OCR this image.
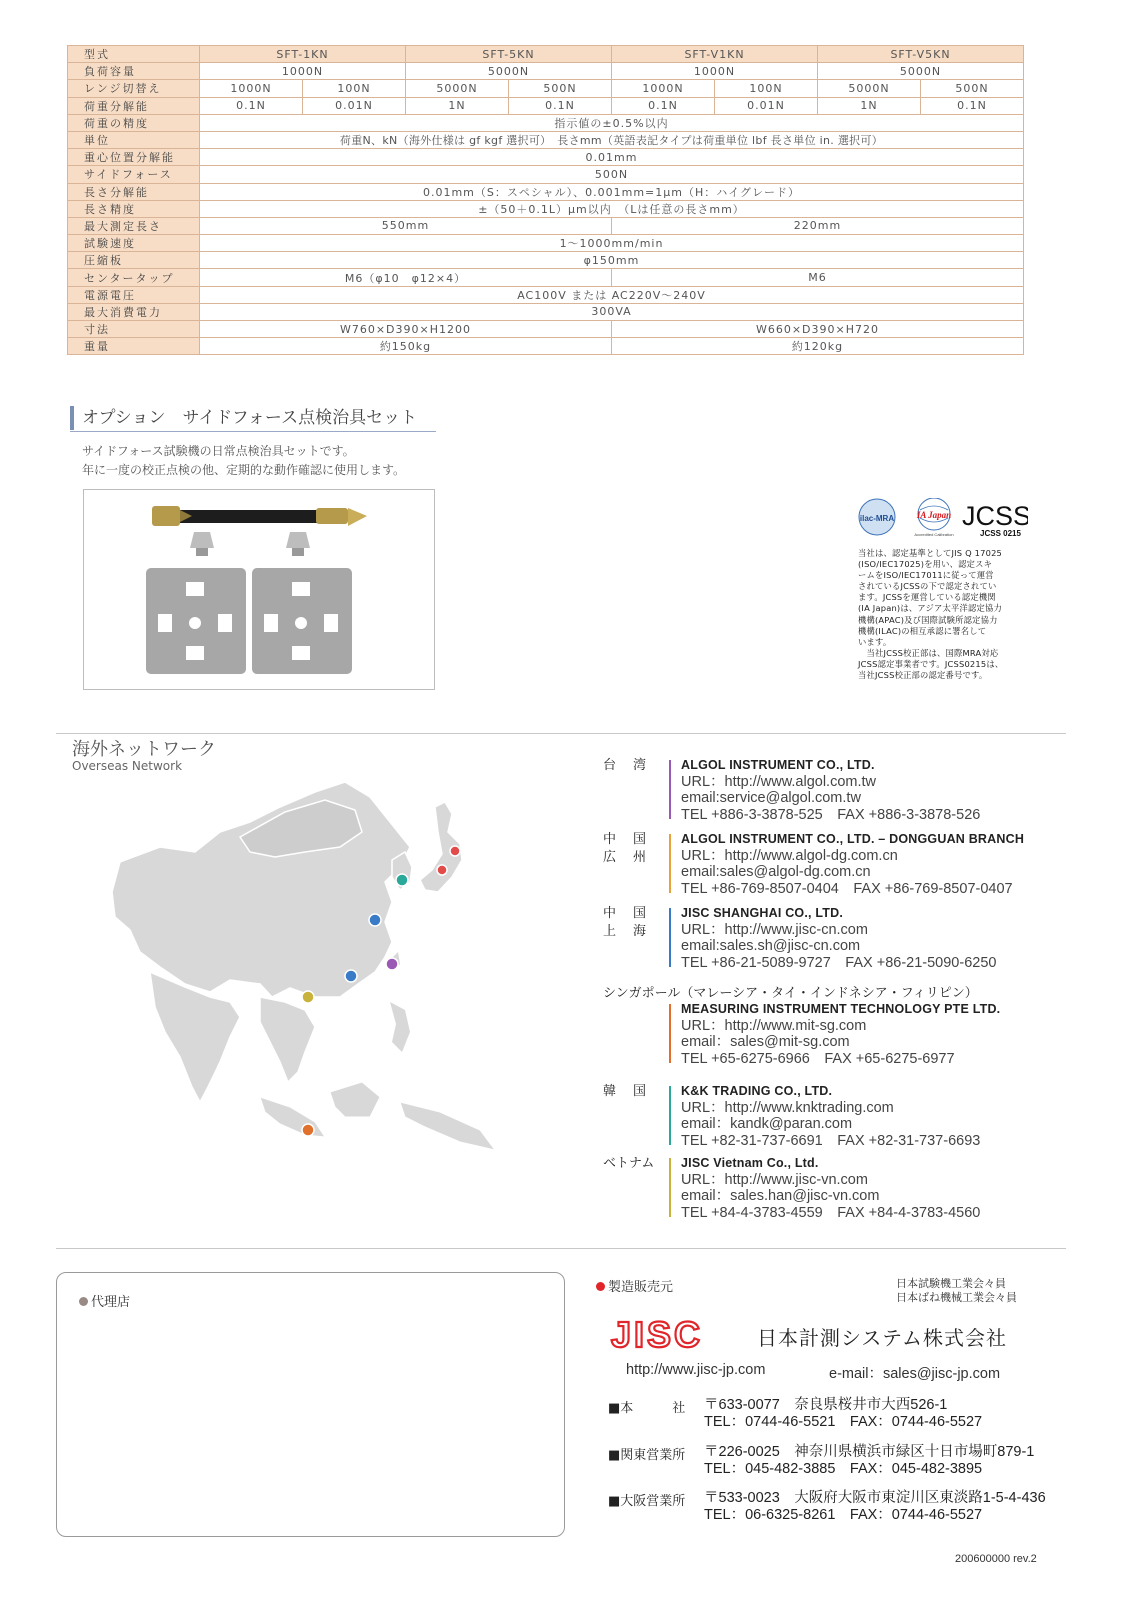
型式	SFT-1KN		SFT-5KN		SFT-V1KN		SFT-V5KN	
負荷容量	1000N		5000N		1000N		5000N	
レンジ切替え	1000N	100N	5000N	500N	1000N	100N	5000N	500N
荷重分解能	0.1N	0.01N	1N	0.1N	0.1N	0.01N	1N	0.1N
荷重の精度	指示値の±0.5%以内							
単位	荷重N、kN（海外仕様は gf kgf 選択可）　長さmm（英語表記タイプは荷重単位 lbf 長さ単位 in. 選択可）							
重心位置分解能	0.01mm							
サイドフォース	500N							
長さ分解能	0.01mm（S：スペシャル）、0.001mm=1μm（H：ハイグレード）							
長さ精度	±（50＋0.1L）μm以内　（Lは任意の長さmm）							
最大測定長さ	550mm				220mm			
試験速度	1～1000mm/min							
圧縮板	φ150mm							
センタータップ	M6（φ10　φ12×4）				M6			
電源電圧	AC100V または AC220V～240V							
最大消費電力	300VA							
寸法	W760×D390×H1200				W660×D390×H720			
重量	約150kg				約120kg			
オプション　サイドフォース点検治具セット
サイドフォース試験機の日常点検治具セットです。
年に一度の校正点検の他、定期的な動作確認に使用します。
ilac-MRA	IA Japan
Accredited Calibration
JCSS
JCSS 0215

当社は、認定基準としてJIS Q 17025
(ISO/IEC17025)を用い、認定スキ
ームをISO/IEC17011に従って運営
されているJCSSの下で認定されてい
ます。JCSSを運営している認定機関
(IA Japan)は、アジア太平洋認定協力
機構(APAC)及び国際試験所認定協力
機構(ILAC)の相互承認に署名して
います。
　当社JCSS校正部は、国際MRA対応
JCSS認定事業者です。JCSS0215は、
当社JCSS校正部の認定番号です。

海外ネットワーク
Overseas Network	台　湾	ALGOL INSTRUMENT CO., LTD.
URL：http://www.algol.com.tw
email:service@algol.com.tw
TEL +886-3-3878-525　FAX +886-3-3878-526
中　国
広　州
ALGOL INSTRUMENT CO., LTD. – DONGGUAN BRANCH
URL：http://www.algol-dg.com.cn
email:sales@algol-dg.com.cn
TEL +86-769-8507-0404　FAX +86-769-8507-0407
中　国
上　海
JISC SHANGHAI CO., LTD.
URL：http://www.jisc-cn.com
email:sales.sh@jisc-cn.com
TEL +86-21-5089-9727　FAX +86-21-5090-6250
シンガポール（マレーシア・タイ・インドネシア・フィリピン）
MEASURING INSTRUMENT TECHNOLOGY PTE LTD.
URL：http://www.mit-sg.com
email：sales@mit-sg.com
TEL +65-6275-6966　FAX +65-6275-6977
韓　国	K&K TRADING CO., LTD.
URL：http://www.knktrading.com
email：kandk@paran.com
TEL +82-31-737-6691　FAX +82-31-737-6693
ベトナム JISC Vietnam Co., Ltd.
URL：http://www.jisc-vn.com
email：sales.han@jisc-vn.com
TEL +84-4-3783-4559　FAX +84-4-3783-4560
代理店
製造販売元	日本試験機工業会々員
日本ばね機械工業会々員
JISC	日本計測システム株式会社
http://www.jisc-jp.com	e-mail：sales@jisc-jp.com
■本　　　社	〒633-0077　奈良県桜井市大西526-1
TEL：0744-46-5521　FAX：0744-46-5527
■関東営業所	〒226-0025　神奈川県横浜市緑区十日市場町879-1
TEL：045-482-3885　FAX：045-482-3895
■大阪営業所	〒533-0023　大阪府大阪市東淀川区東淡路1-5-4-436
TEL：06-6325-8261　FAX：0744-46-5527
200600000 rev.2
